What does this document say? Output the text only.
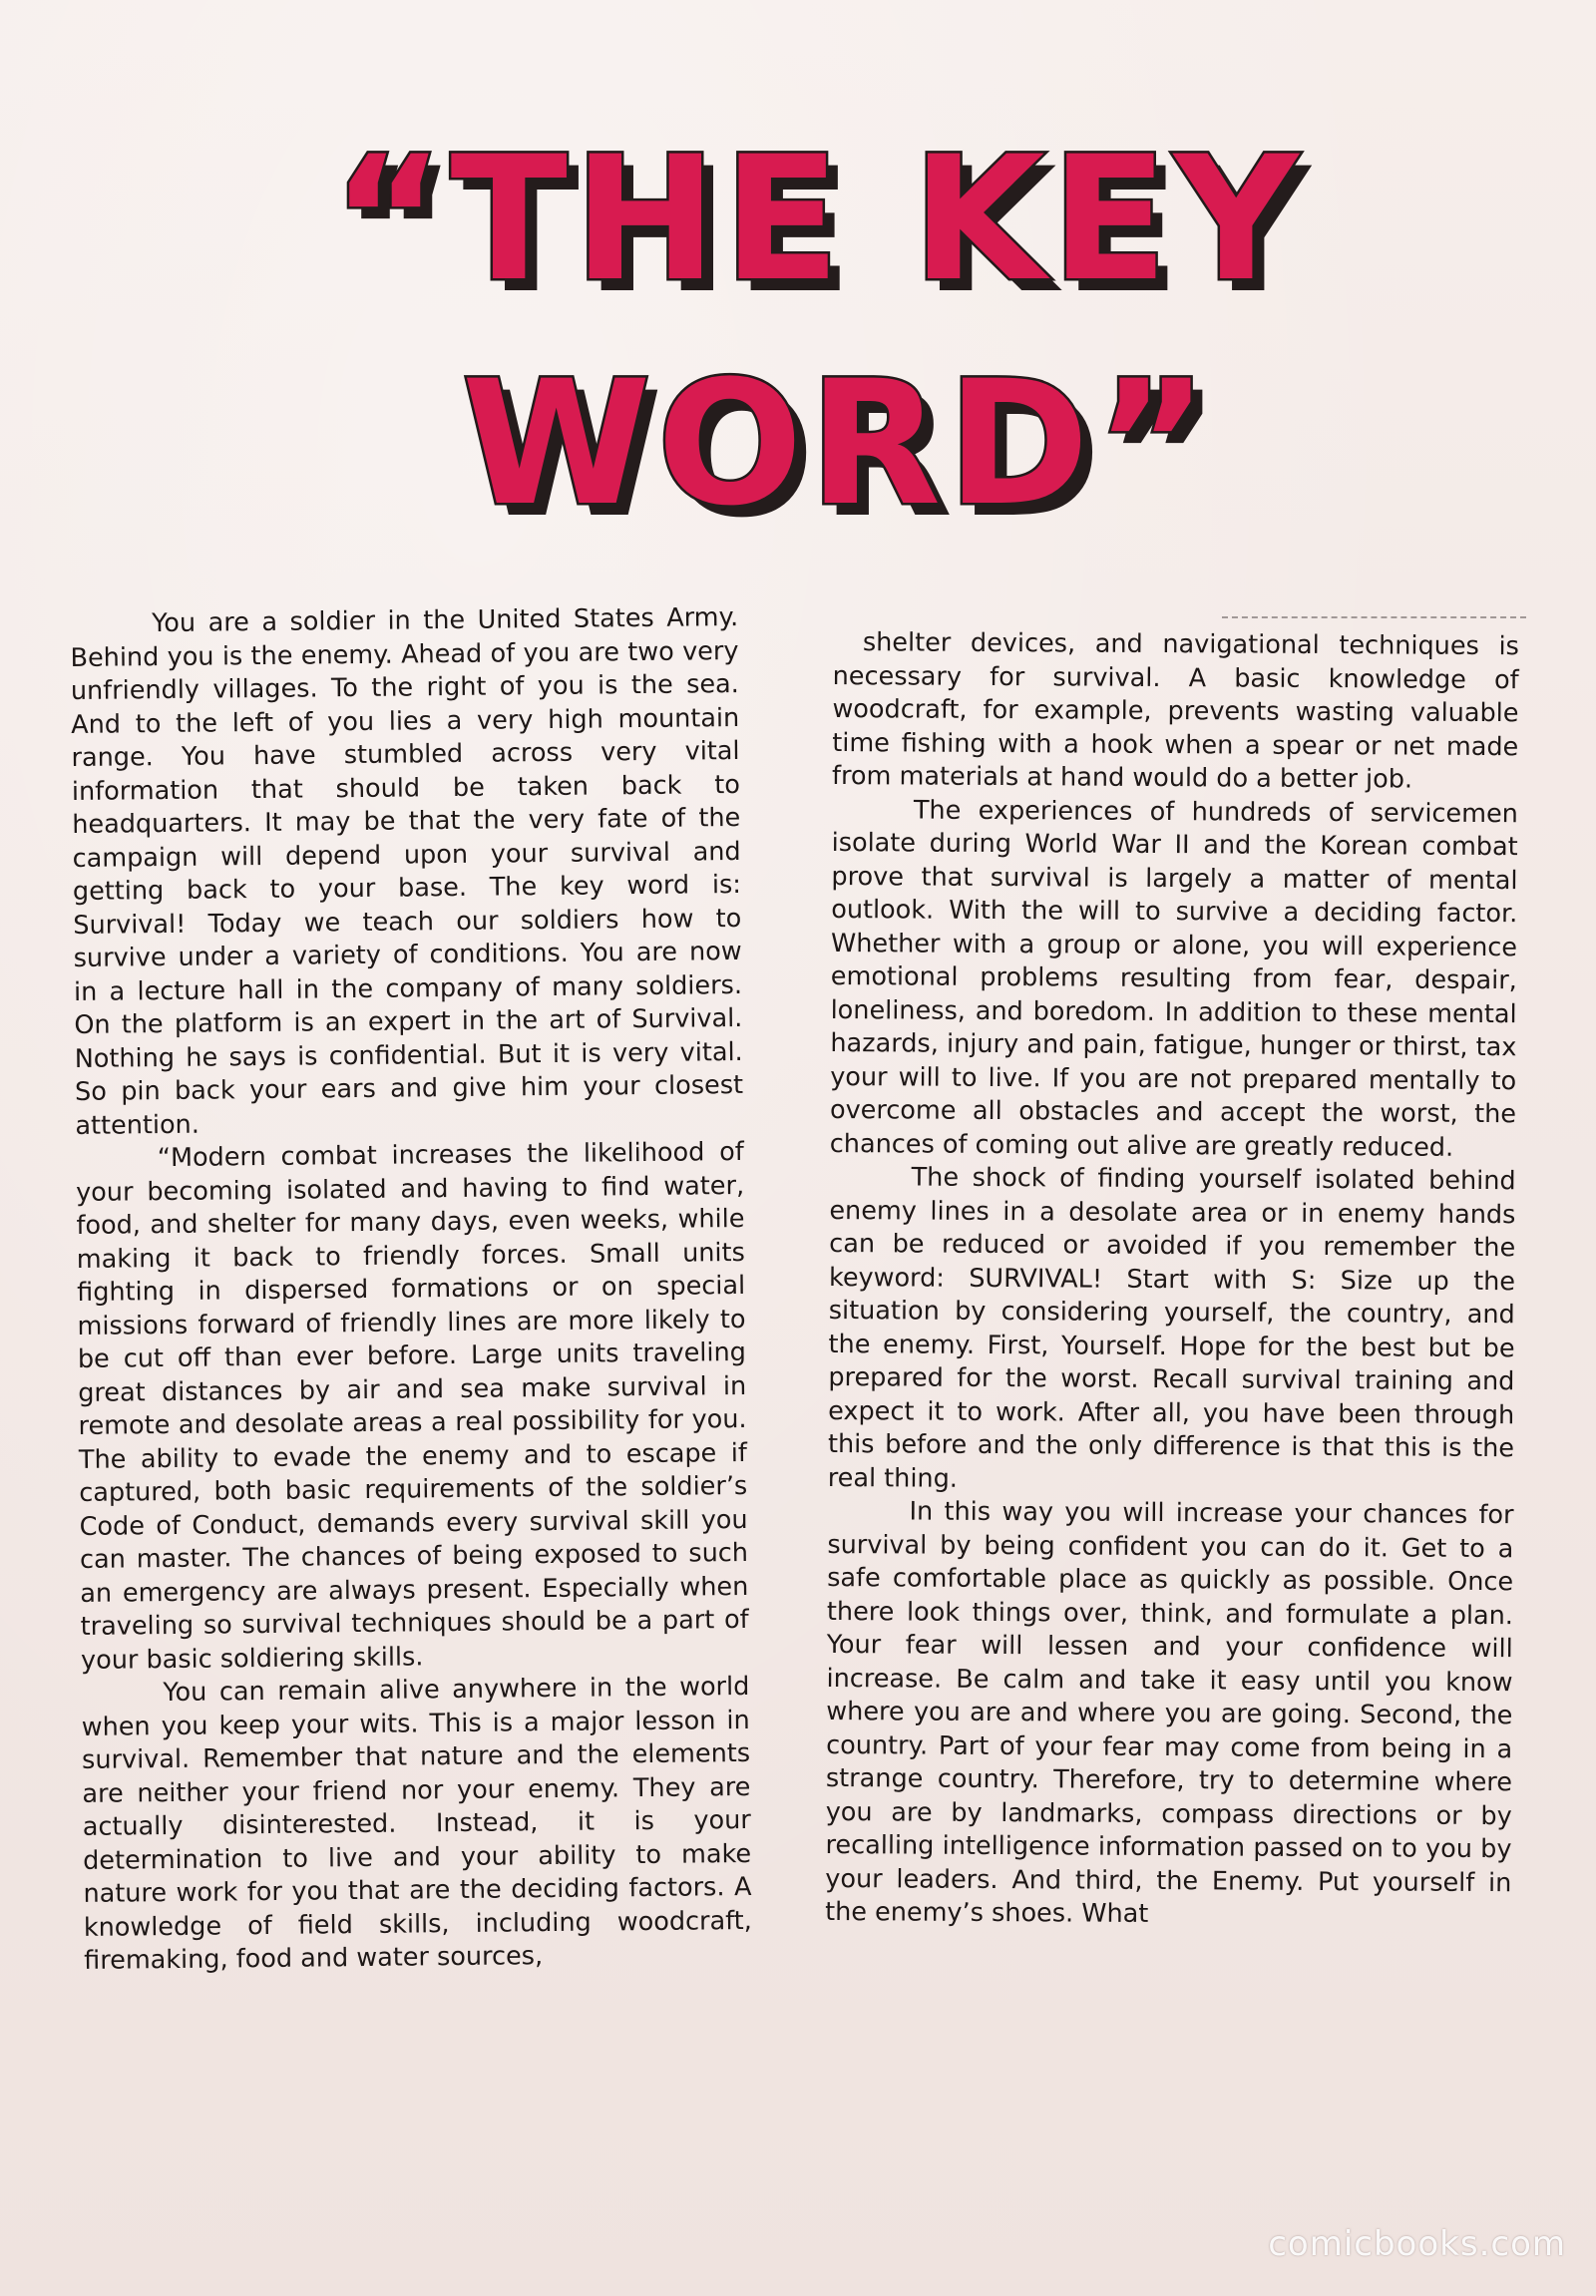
“THE KEY
WORD”

You are a soldier in the United States Army. Behind you is the enemy. Ahead of you are two very unfriendly villages. To the right of you is the sea. And to the left of you lies a very high mountain range. You have stumbled across very vital information that should be taken back to headquarters. It may be that the very fate of the campaign will depend upon your survival and getting back to your base. The key word is: Survival! Today we teach our soldiers how to survive under a variety of conditions. You are now in a lecture hall in the company of many soldiers. On the platform is an expert in the art of Survival. Nothing he says is confidential. But it is very vital. So pin back your ears and give him your closest attention.

“Modern combat increases the likelihood of your becoming isolated and having to find water, food, and shelter for many days, even weeks, while making it back to friendly forces. Small units fighting in dispersed formations or on special missions forward of friendly lines are more likely to be cut off than ever before. Large units traveling great distances by air and sea make survival in remote and desolate areas a real possibility for you. The ability to evade the enemy and to escape if captured, both basic requirements of the soldier’s Code of Conduct, demands every survival skill you can master. The chances of being exposed to such an emergency are always present. Especially when traveling so survival techniques should be a part of your basic soldiering skills.

You can remain alive anywhere in the world when you keep your wits. This is a major lesson in survival. Remember that nature and the elements are neither your friend nor your enemy. They are actually disinterested. Instead, it is your determination to live and your ability to make nature work for you that are the deciding factors. A knowledge of field skills, including woodcraft, firemaking, food and water sources,

shelter devices, and navigational techniques is necessary for survival. A basic knowledge of woodcraft, for example, prevents wasting valuable time fishing with a hook when a spear or net made from materials at hand would do a better job.

The experiences of hundreds of servicemen isolate during World War II and the Korean combat prove that survival is largely a matter of mental outlook. With the will to survive a deciding factor. Whether with a group or alone, you will experience emotional problems resulting from fear, despair, loneliness, and boredom. In addition to these mental hazards, injury and pain, fatigue, hunger or thirst, tax your will to live. If you are not prepared mentally to overcome all obstacles and accept the worst, the chances of coming out alive are greatly reduced.

The shock of finding yourself isolated behind enemy lines in a desolate area or in enemy hands can be reduced or avoided if you remember the keyword: SURVIVAL! Start with S: Size up the situation by considering yourself, the country, and the enemy. First, Yourself. Hope for the best but be prepared for the worst. Recall survival training and expect it to work. After all, you have been through this before and the only difference is that this is the real thing.

In this way you will increase your chances for survival by being confident you can do it. Get to a safe comfortable place as quickly as possible. Once there look things over, think, and formulate a plan. Your fear will lessen and your confidence will increase. Be calm and take it easy until you know where you are and where you are going. Second, the country. Part of your fear may come from being in a strange country. Therefore, try to determine where you are by landmarks, compass directions or by recalling intelligence information passed on to you by your leaders. And third, the Enemy. Put yourself in the enemy’s shoes. What

comicbooks.com
